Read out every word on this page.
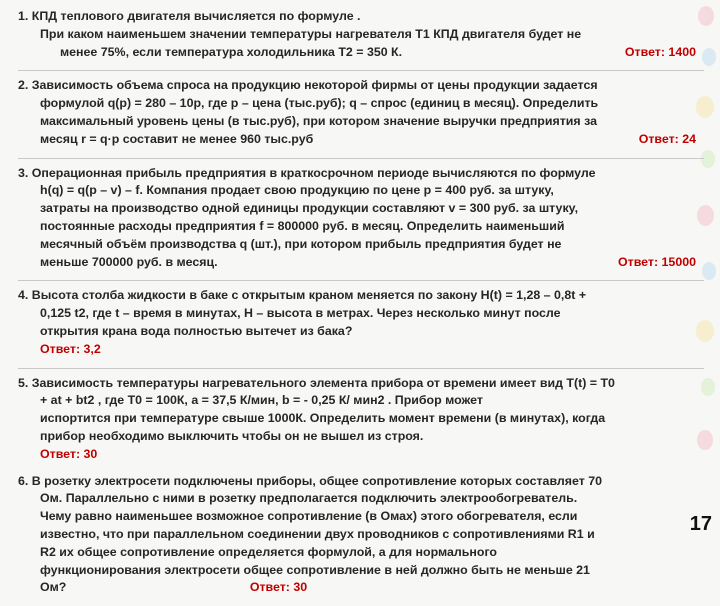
1. КПД теплового двигателя вычисляется по формуле .
При каком наименьшем значении температуры нагревателя Т1 КПД двигателя будет не
менее 75%, если температура холодильника Т2 = 350 К.	Ответ: 1400
2. Зависимость объема спроса на продукцию некоторой фирмы от цены продукции задается
формулой q(p) = 280 – 10p, где р – цена (тыс.руб); q – спрос (единиц в месяц). Определить
максимальный уровень цены (в тыс.руб), при котором значение выручки предприятия за
месяц r = q·p составит не менее 960 тыс.руб	Ответ: 24
3. Операционная прибыль предприятия в краткосрочном периоде вычисляются по формуле
h(q) = q(p – v) – f. Компания продает свою продукцию по цене р = 400 руб. за штуку,
затраты на производство одной единицы продукции составляют v = 300 руб. за штуку,
постоянные расходы предприятия f = 800000 руб. в месяц. Определить наименьший
месячный объём производства q (шт.), при котором прибыль предприятия будет не
меньше 700000 руб. в месяц.	Ответ: 15000
4. Высота столба жидкости в баке с открытым краном меняется по закону Н(t) = 1,28 – 0,8t +
0,125 t2, где t – время в минутах, Н – высота в метрах. Через несколько минут после
открытия крана вода полностью вытечет из бака?
Ответ: 3,2
5. Зависимость температуры нагревательного элемента прибора от времени имеет вид T(t) = T0
+ at + bt2 , где T0 = 100К, a = 37,5 К/мин, b = - 0,25 К/ мин2 . Прибор может
испортится при температуре свыше 1000К. Определить момент времени (в минутах), когда
прибор необходимо выключить чтобы он не вышел из строя.
Ответ: 30
6. В розетку электросети подключены приборы, общее сопротивление которых составляет 70
Ом. Параллельно с ними в розетку предполагается подключить электрообогреватель.
Чему равно наименьшее возможное сопротивление (в Омах) этого обогревателя, если
известно, что при параллельном соединении двух проводников с сопротивлениями R1 и
R2 их общее сопротивление определяется формулой, а для нормального
функционирования электросети общее сопротивление в ней должно быть не меньше 21
Ом?	Ответ: 30
17
